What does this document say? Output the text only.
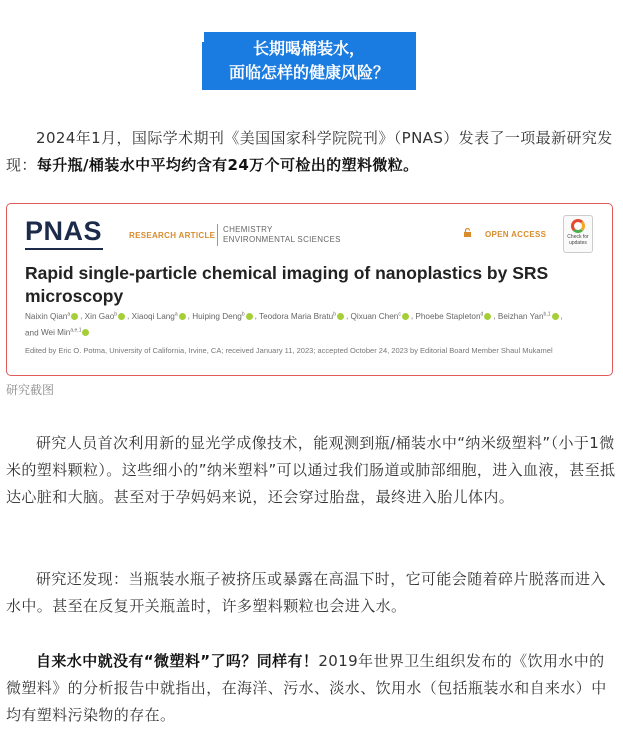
长期喝桶装水，
面临怎样的健康风险？

2024年1月，国际学术期刊《美国国家科学院院刊》（PNAS）发表了一项最新研究发现：每升瓶/桶装水中平均约含有24万个可检出的塑料微粒。

PNAS	RESEARCH ARTICLE
CHEMISTRY
ENVIRONMENTAL SCIENCES
OPEN ACCESS	Check for
updates
Rapid single-particle chemical imaging of nanoplastics by SRS microscopy
Naixin Qian$^a$ , Xin Gao$^b$ , Xiaoqi Lang$^a$ , Huiping Deng$^b$ , Teodora Maria Bratu$^b$ , Qixuan Chen$^c$ , Phoebe Stapleton$^d$ , Beizhan Yan$^{b,1}$ , and Wei Min$^{a,e,1}$
Edited by Eric O. Potma, University of California, Irvine, CA; received January 11, 2023; accepted October 24, 2023 by Editorial Board Member Shaul Mukamel
研究截图

研究人员首次利用新的显光学成像技术，能观测到瓶/桶装水中“纳米级塑料”（小于1微米的塑料颗粒）。这些细小的”纳米塑料”可以通过我们肠道或肺部细胞，进入血液，甚至抵达心脏和大脑。甚至对于孕妈妈来说，还会穿过胎盘，最终进入胎儿体内。

研究还发现：当瓶装水瓶子被挤压或暴露在高温下时，它可能会随着碎片脱落而进入水中。甚至在反复开关瓶盖时，许多塑料颗粒也会进入水。

自来水中就没有“微塑料”了吗？同样有！2019年世界卫生组织发布的《饮用水中的微塑料》的分析报告中就指出，在海洋、污水、淡水、饮用水（包括瓶装水和自来水）中均有塑料污染物的存在。
